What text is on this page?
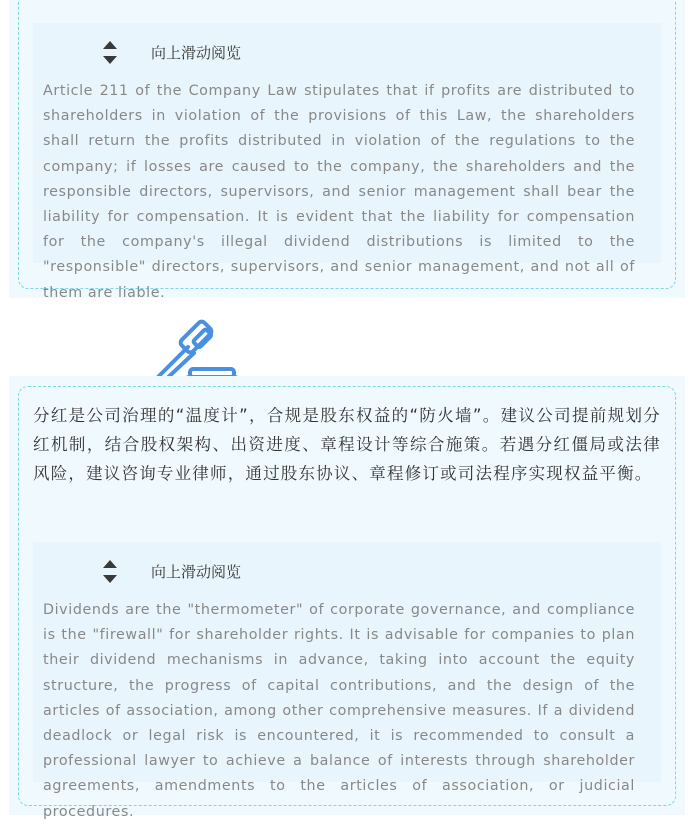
向上滑动阅览
Article 211 of the Company Law stipulates that if profits are distributed to shareholders in violation of the provisions of this Law, the shareholders shall return the profits distributed in violation of the regulations to the company; if losses are caused to the company, the shareholders and the responsible directors, supervisors, and senior management shall bear the liability for compensation. It is evident that the liability for compensation for the company's illegal dividend distributions is limited to the "responsible" directors, supervisors, and senior management, and not all of them are liable.
分红是公司治理的“温度计”，合规是股东权益的“防火墙”。建议公司提前规划分红机制，结合股权架构、出资进度、章程设计等综合施策。若遇分红僵局或法律风险，建议咨询专业律师，通过股东协议、章程修订或司法程序实现权益平衡。
向上滑动阅览
Dividends are the "thermometer" of corporate governance, and compliance is the "firewall" for shareholder rights. It is advisable for companies to plan their dividend mechanisms in advance, taking into account the equity structure, the progress of capital contributions, and the design of the articles of association, among other comprehensive measures. If a dividend deadlock or legal risk is encountered, it is recommended to consult a professional lawyer to achieve a balance of interests through shareholder agreements, amendments to the articles of association, or judicial procedures.
